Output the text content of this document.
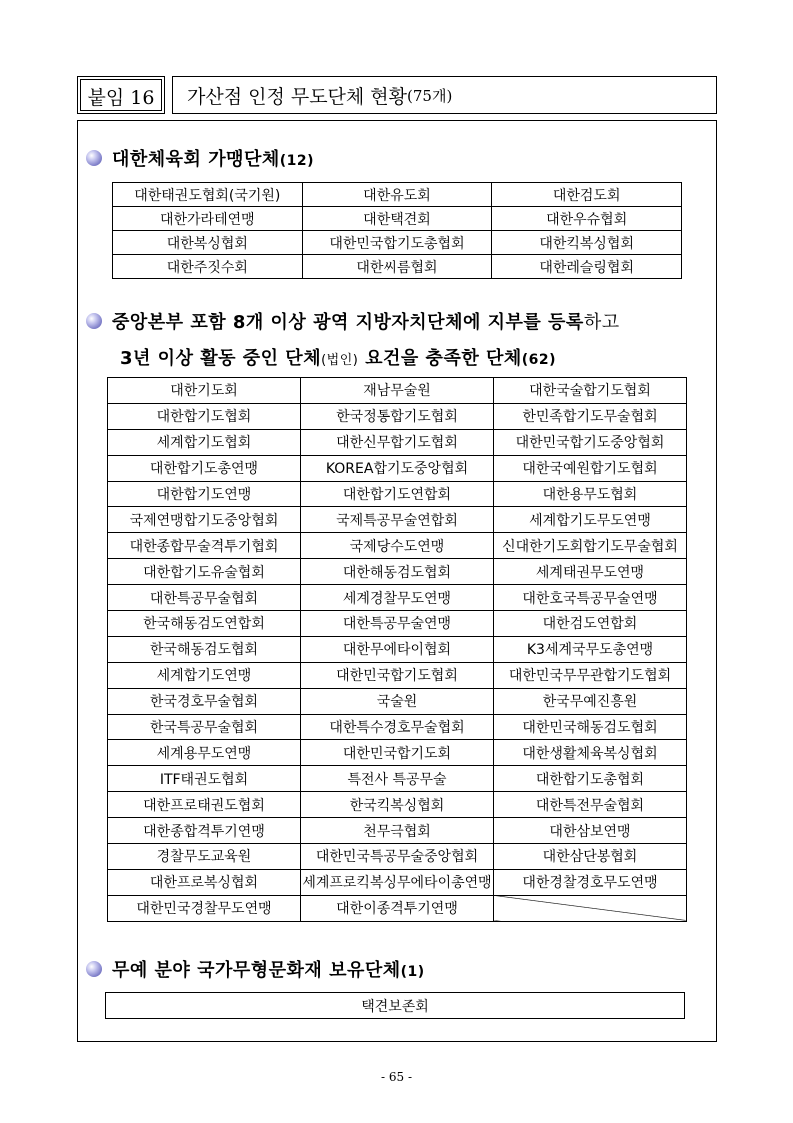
붙임 16 가산점 인정 무도단체 현황 (75개)
대한체육회 가맹단체(12)
대한태권도협회(국기원)	대한유도회	대한검도회
대한가라테연맹	대한택견회	대한우슈협회
대한복싱협회	대한민국합기도총협회	대한킥복싱협회
대한주짓수회	대한씨름협회	대한레슬링협회
중앙본부 포함 8개 이상 광역 지방자치단체에 지부를 등록하고
3년 이상 활동 중인 단체(법인) 요건을 충족한 단체(62)
대한기도회	재남무술원	대한국술합기도협회
대한합기도협회	한국정통합기도협회	한민족합기도무술협회
세계합기도협회	대한신무합기도협회	대한민국합기도중앙협회
대한합기도총연맹	KOREA합기도중앙협회	대한국예원합기도협회
대한합기도연맹	대한합기도연합회	대한용무도협회
국제연맹합기도중앙협회	국제특공무술연합회	세계합기도무도연맹
대한종합무술격투기협회	국제당수도연맹	신대한기도회합기도무술협회
대한합기도유술협회	대한해동검도협회	세계태권무도연맹
대한특공무술협회	세계경찰무도연맹	대한호국특공무술연맹
한국해동검도연합회	대한특공무술연맹	대한검도연합회
한국해동검도협회	대한무에타이협회	K3세계국무도총연맹
세계합기도연맹	대한민국합기도협회	대한민국무무관합기도협회
한국경호무술협회	국술원	한국무예진흥원
한국특공무술협회	대한특수경호무술협회	대한민국해동검도협회
세계용무도연맹	대한민국합기도회	대한생활체육복싱협회
ITF태권도협회	특전사 특공무술	대한합기도총협회
대한프로태권도협회	한국킥복싱협회	대한특전무술협회
대한종합격투기연맹	천무극협회	대한삼보연맹
경찰무도교육원	대한민국특공무술중앙협회	대한삼단봉협회
대한프로복싱협회	세계프로킥복싱무에타이총연맹	대한경찰경호무도연맹
대한민국경찰무도연맹	대한이종격투기연맹	
무예 분야 국가무형문화재 보유단체(1)
택견보존회
- 65 -
